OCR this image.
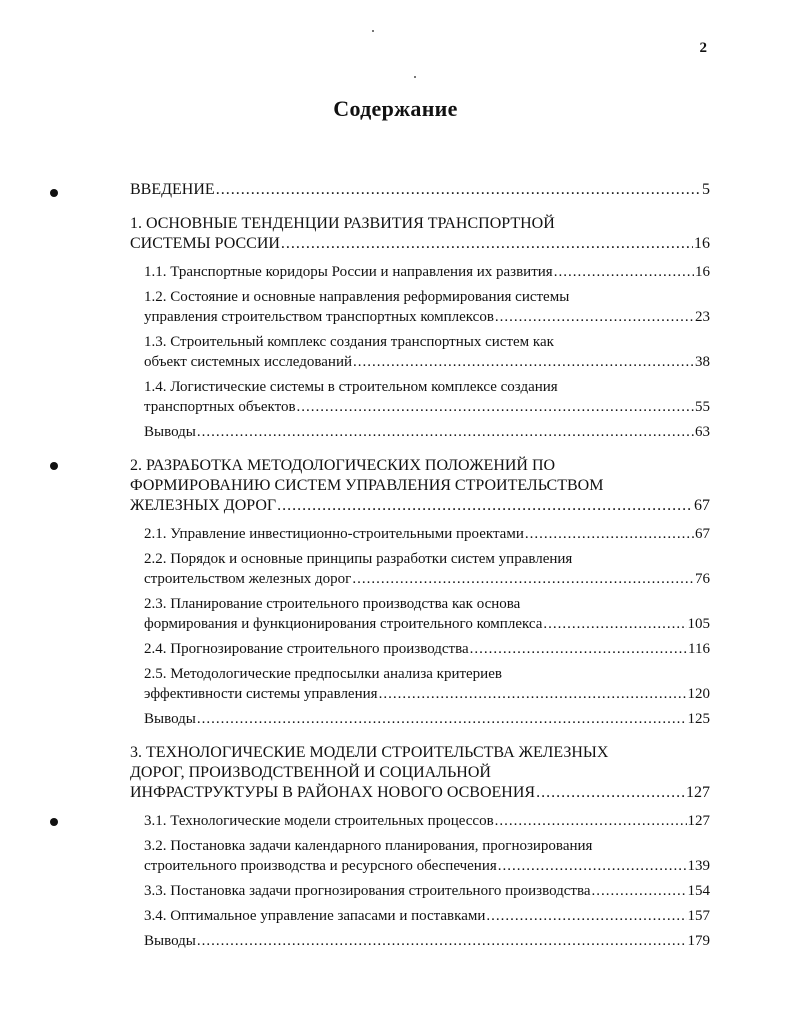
2
Содержание
ВВЕДЕНИЕ .....	5
1. ОСНОВНЫЕ ТЕНДЕНЦИИ РАЗВИТИЯ ТРАНСПОРТНОЙ
СИСТЕМЫ РОССИИ .....	16
1.1. Транспортные коридоры России и направления их развития .....	16
1.2. Состояние и основные направления реформирования системы
управления строительством транспортных комплексов .....	23
1.3. Строительный комплекс создания транспортных систем как
объект системных исследований .....	38
1.4. Логистические системы в строительном комплексе создания
транспортных объектов .....	55
Выводы .....	63
2. РАЗРАБОТКА МЕТОДОЛОГИЧЕСКИХ ПОЛОЖЕНИЙ ПО
ФОРМИРОВАНИЮ СИСТЕМ УПРАВЛЕНИЯ СТРОИТЕЛЬСТВОМ
ЖЕЛЕЗНЫХ ДОРОГ .....	67
2.1. Управление инвестиционно-строительными проектами .....	67
2.2. Порядок и основные принципы разработки систем управления
строительством железных дорог .....	76
2.3. Планирование строительного производства как основа
формирования и функционирования строительного комплекса .....	105
2.4. Прогнозирование строительного производства .....	116
2.5. Методологические предпосылки анализа критериев
эффективности системы управления .....	120
Выводы .....	125
3. ТЕХНОЛОГИЧЕСКИЕ МОДЕЛИ СТРОИТЕЛЬСТВА ЖЕЛЕЗНЫХ
ДОРОГ, ПРОИЗВОДСТВЕННОЙ И СОЦИАЛЬНОЙ
ИНФРАСТРУКТУРЫ В РАЙОНАХ НОВОГО ОСВОЕНИЯ .....	127
3.1. Технологические модели строительных процессов .....	127
3.2. Постановка задачи календарного планирования, прогнозирования
строительного производства и ресурсного обеспечения .....	139
3.3. Постановка задачи прогнозирования строительного производства .....	154
3.4. Оптимальное управление запасами и поставками .....	157
Выводы .....	179
